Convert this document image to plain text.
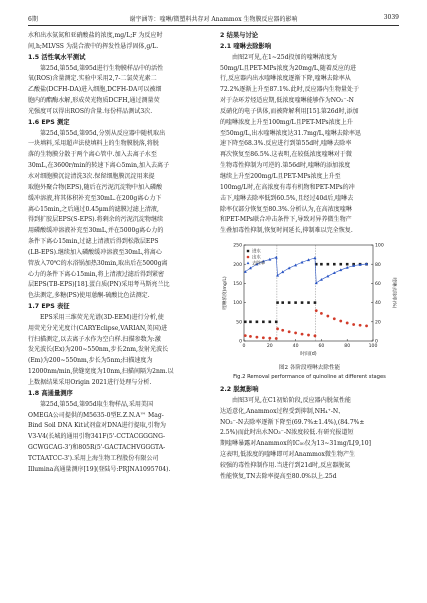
6期	谢宇涵等：喹啉/微塑料共存对 Anammox 生物膜反应器的影响	3039
水和出水氨氮和亚硝酸盐的浓度,mg/L;F 为反应时
间,h;MLVSS 为混合液中的挥发性悬浮固体,g/L.
1.5 活性氧水平测试
第25d,第55d,第95d进行生物膜样品中的活性
氧(ROS)含量测定.实验中采用2,7-二氯荧光素二
乙酸盐(DCFH-DA)进入细胞,DCFH-DA可以被细
胞内的酯酶水解,形成荧光物质DCFH,通过测量荧
光强度可以得出ROS的含量.每份样品测试3次.
1.6 EPS 测定
第25d,第55d,第95d,分别从反应器中随机取出
一块填料,采用超声法使填料上的生物膜脱落,将脱
落的生物膜分散于两个离心管中.加入去离子水至
30mL,在3600r/min的转速下离心5min,加入去离子
水对细胞膜沉淀清洗3次.保留细胞膜沉淀用来提
取胞外聚合物(EPS),随后在污泥沉淀物中加入磷酸
缓冲溶液,将其体积补充至30mL.在200g离心力下
离心15min,之后通过0.45μm的滤膜过滤上清液,
得到扩胶层EPS(S-EPS).将剩余的污泥沉淀物继续
用磷酸缓冲溶液补充至30mL,并在5000g离心力的
条件下离心15min,过滤上清液后得到松散层EPS
(LB-EPS).继续加入磷酸缓冲溶液至30mL,将离心
管放入70℃的水浴锅加热30min,取出后在5000g离
心力的条件下离心15min,将上清液过滤后得到紧密
层EPS(TB-EPS)[18].蛋白质(PN)采用考马斯亮兰比
色法测定,多糖(PS)使用蒽酮-硫酸比色法测定.
1.7 EPS 表征
EPS采用三维荧光光谱(3D-EEM)进行分析,使
用荧光分光光度计(CARYEclipse,VARIAN,美国)进
行扫描测定,以去离子水作为空白样.扫描参数为:激
发光波长(Ex)为200~550nm,步长2nm,发射光波长
(Em)为200~550nm,步长为5nm;扫描速度为
12000nm/min,狭缝宽度为10nm,扫描间隔为2nm.以
上数据结果采用Origin 2021进行处理与分析.
1.8 高通量测序
第25d,第55d,第95d取生物样品,采用美国
OMEGA公司提供的M5635-0型E.Z.N.A™ Mag-
Bind Soil DNA Kit试剂盒对DNA进行提取,引物为
V3-V4(长城的通用引物341F(5'-CCTACGGGNG-
GCWGCAG-3')和805R(5'-GACTACHVGGGTA-
TCTAATCC-3').采用上海生物工程股份有限公司
Illumina高通量测序[19](登陆号:PRJNA1095704).
2 结果与讨论
2.1 喹啉去除影响
由图2可见,在1~25d投加的喹啉浓度为
50mg/L且PET-MPs浓度为20mg/L,随着反应的进
行,反应器内出水喹啉浓度逐渐下降,喹啉去除率从
72.2%逐渐上升至87.1%.此时,反应器内生物量处于
对于杂环芳烃适应期,低浓度喹啉能够作为NO₂⁻-N
反硝化的电子供体,而被降解利用[15].第26d时,添加
的喹啉浓度上升至100mg/L且PET-MPs浓度上升
至50mg/L,出水喹啉浓度达31.7mg/L,喹啉去除率迅
速下降至68.3%.反应进行到第55d时,喹啉去除率
再次恢复至86.5%.这表明,在较低浓度喹啉对于微
生物毒性抑制为可逆的.第56d时,喹啉的添加浓度
继续上升至200mg/L且PET-MPs浓度上升至
100mg/L时,在高浓度有毒有机物和PET-MPs的冲
击下,喹啉去除率低到60.5%,且经过40d后,喹啉去
除率仅部分恢复至80.3%.分析认为,在高浓度喹啉
和PET-MPs联合冲击条件下,导致对异养微生物产
生叠加毒性抑制,恢复时间延长,抑制难以完全恢复.
0	20	40	60	80	100
0
50
100
150
200
250
0
20
40
60
80
100
进水
出水
去除率
喹啉浓度(mg/L)	喹啉去除率(%)
时间(d)
图2 各阶段喹啉去除性能
Fig.2 Removal performance of quinoline at different stages
2.2 脱氮影响
由图3可见,在C1初始阶段,反应器内脱氮性能
达适意化,Anammox过程受到抑制,NH₄⁺-N、
NO₂⁻-N去除率逐渐下降至(69.7%±1.4%),(84.7%±
2.5%)而此时出水NO₃⁻-N浓度较低.有研究报道短
期喹啉暴露对Anammox的IC₅₀仅为13~31mg/L[9,10]
这表明,低浓度的喹啉即可对Anammox微生物产生
较强的毒性抑制作用.当进行到21d时,反应器脱氮
性能恢复,TN去除率提高至80.0%以上.25d
